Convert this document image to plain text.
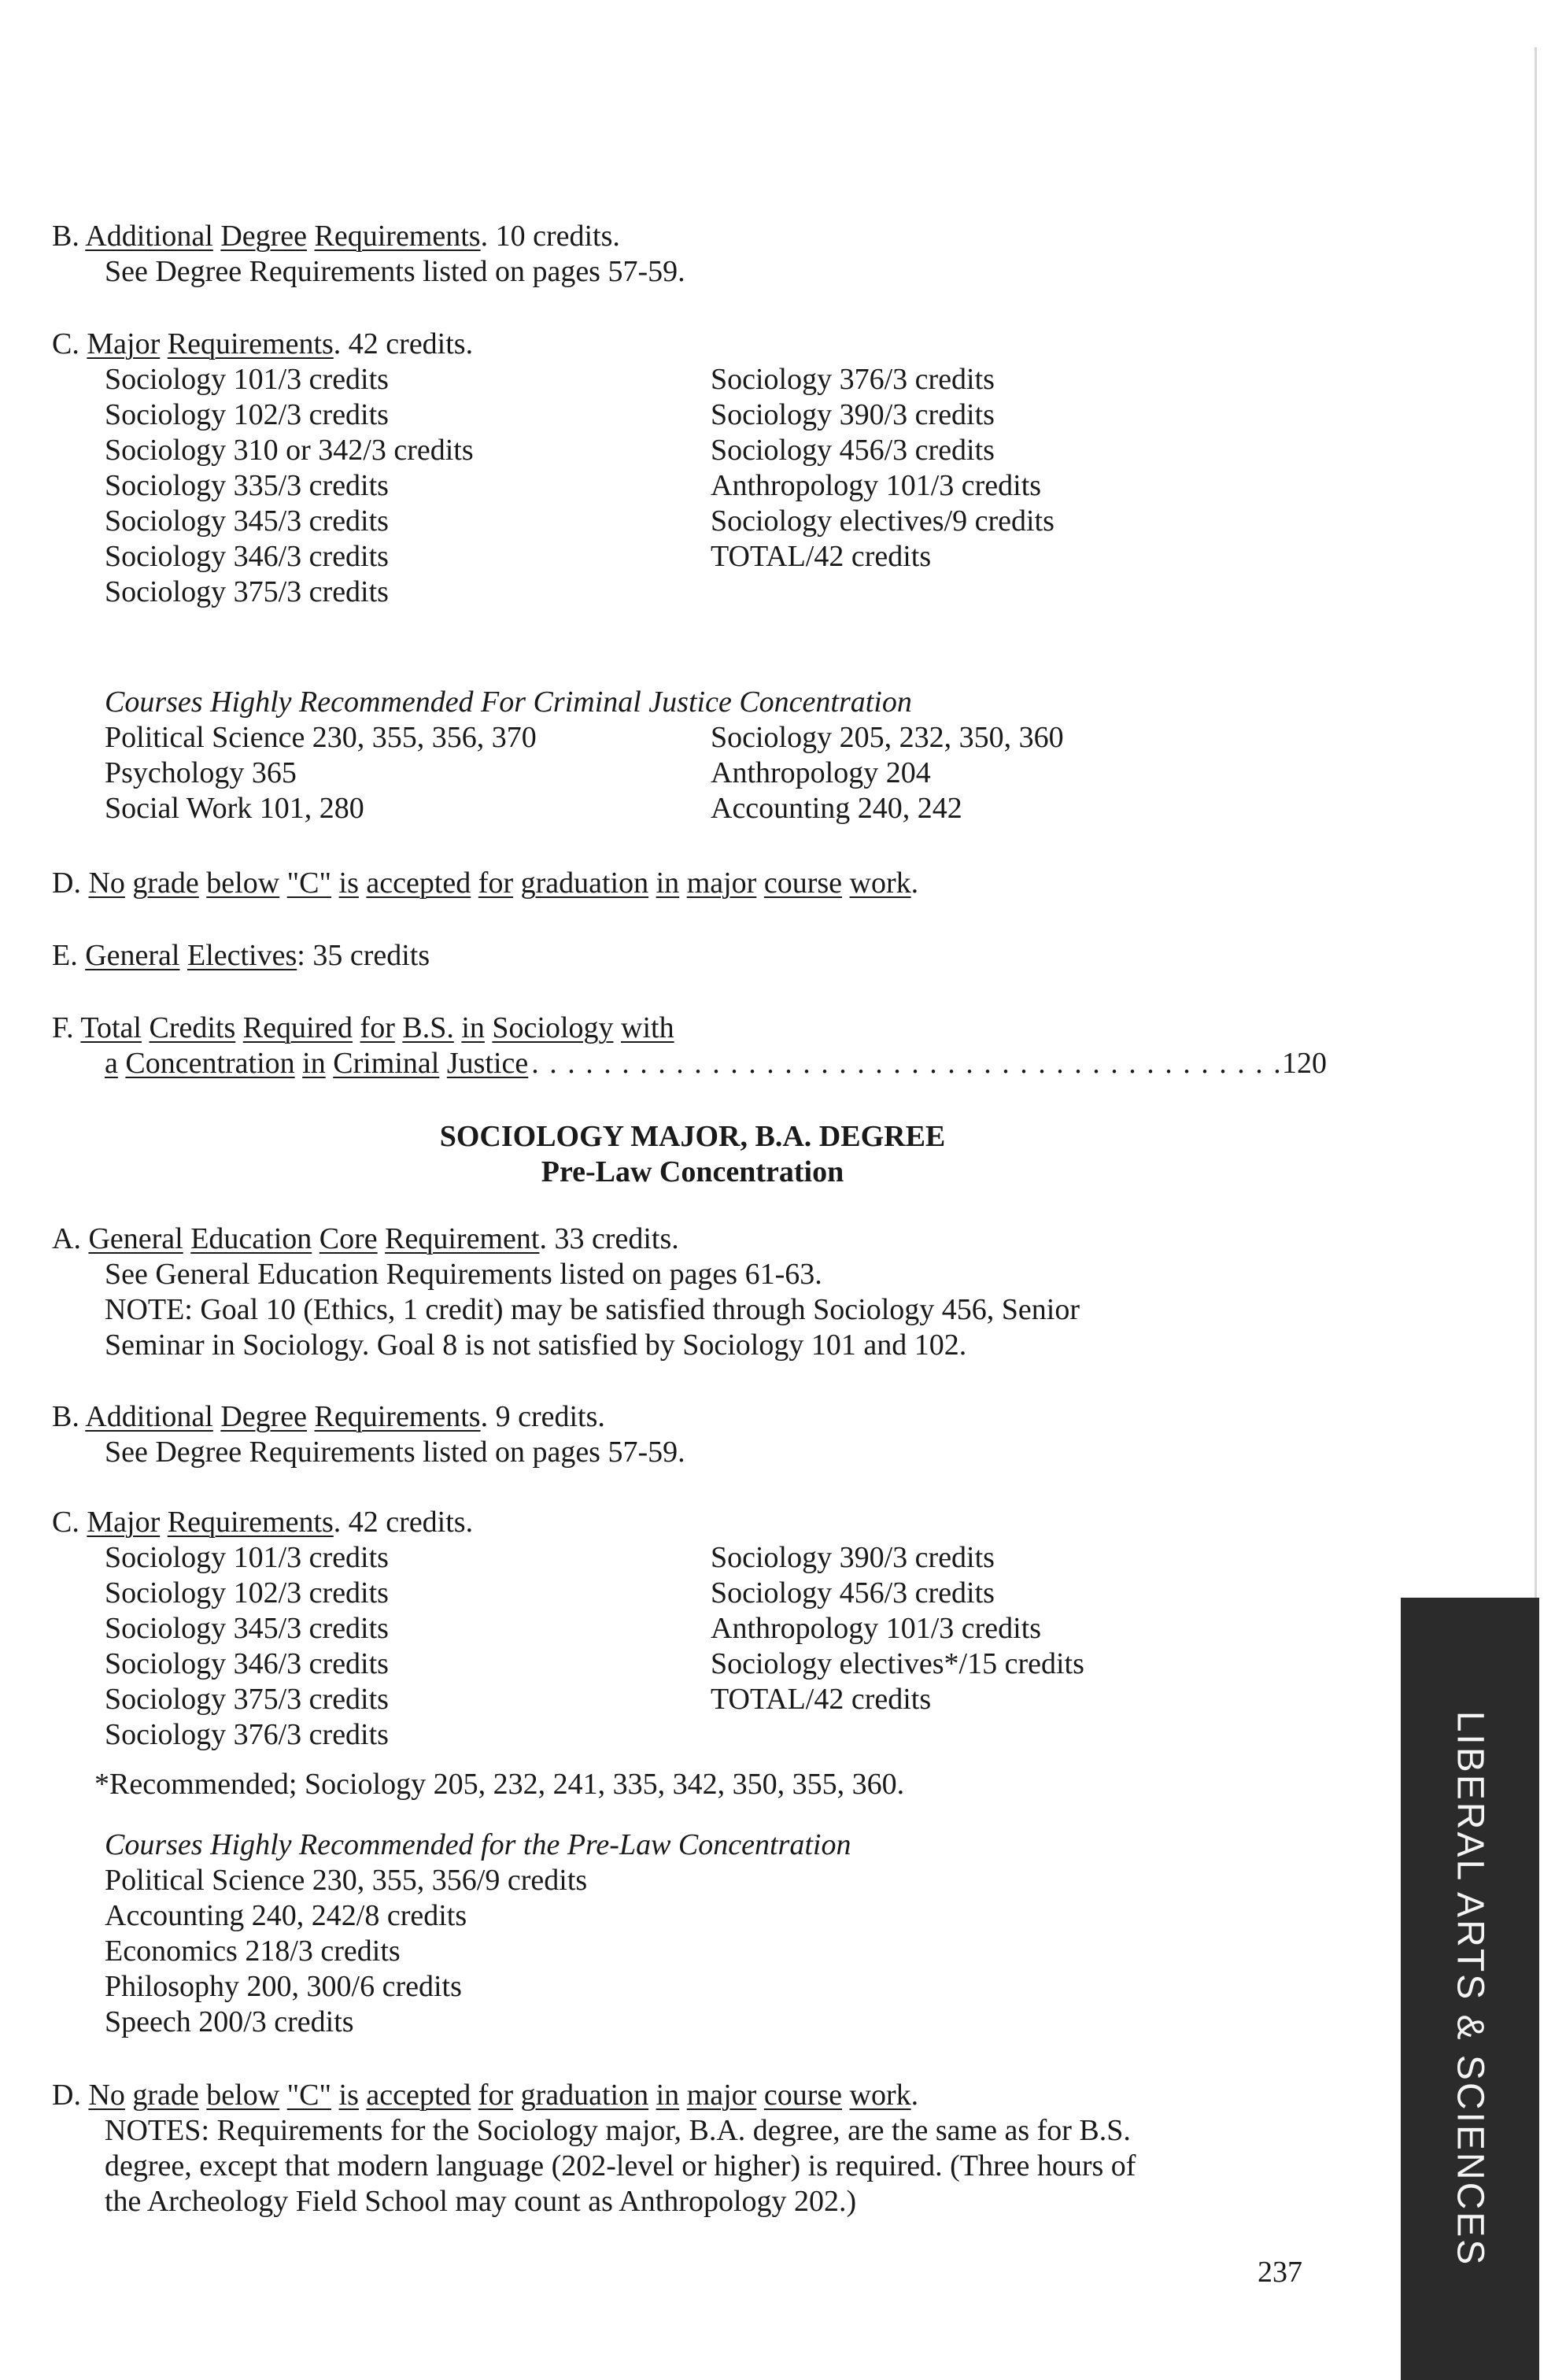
B. Additional Degree Requirements. 10 credits.
See Degree Requirements listed on pages 57-59.
C. Major Requirements. 42 credits.
Sociology 101/3 credits
Sociology 102/3 credits
Sociology 310 or 342/3 credits
Sociology 335/3 credits
Sociology 345/3 credits
Sociology 346/3 credits
Sociology 375/3 credits
Sociology 376/3 credits
Sociology 390/3 credits
Sociology 456/3 credits
Anthropology 101/3 credits
Sociology electives/9 credits
TOTAL/42 credits
Courses Highly Recommended For Criminal Justice Concentration
Political Science 230, 355, 356, 370
Psychology 365
Social Work 101, 280
Sociology 205, 232, 350, 360
Anthropology 204
Accounting 240, 242
D. No grade below "C" is accepted for graduation in major course work.
E. General Electives: 35 credits
F. Total Credits Required for B.S. in Sociology with
a Concentration in Criminal Justice
. . .	120
SOCIOLOGY MAJOR, B.A. DEGREE
Pre-Law Concentration
A. General Education Core Requirement. 33 credits.
See General Education Requirements listed on pages 61-63.
NOTE: Goal 10 (Ethics, 1 credit) may be satisfied through Sociology 456, Senior
Seminar in Sociology. Goal 8 is not satisfied by Sociology 101 and 102.
B. Additional Degree Requirements. 9 credits.
See Degree Requirements listed on pages 57-59.
C. Major Requirements. 42 credits.
Sociology 101/3 credits
Sociology 102/3 credits
Sociology 345/3 credits
Sociology 346/3 credits
Sociology 375/3 credits
Sociology 376/3 credits
Sociology 390/3 credits
Sociology 456/3 credits
Anthropology 101/3 credits
Sociology electives*/15 credits
TOTAL/42 credits
*Recommended; Sociology 205, 232, 241, 335, 342, 350, 355, 360.
Courses Highly Recommended for the Pre-Law Concentration
Political Science 230, 355, 356/9 credits
Accounting 240, 242/8 credits
Economics 218/3 credits
Philosophy 200, 300/6 credits
Speech 200/3 credits
D. No grade below "C" is accepted for graduation in major course work.
NOTES: Requirements for the Sociology major, B.A. degree, are the same as for B.S.
degree, except that modern language (202-level or higher) is required. (Three hours of
the Archeology Field School may count as Anthropology 202.)
237
LIBERAL ARTS & SCIENCES
